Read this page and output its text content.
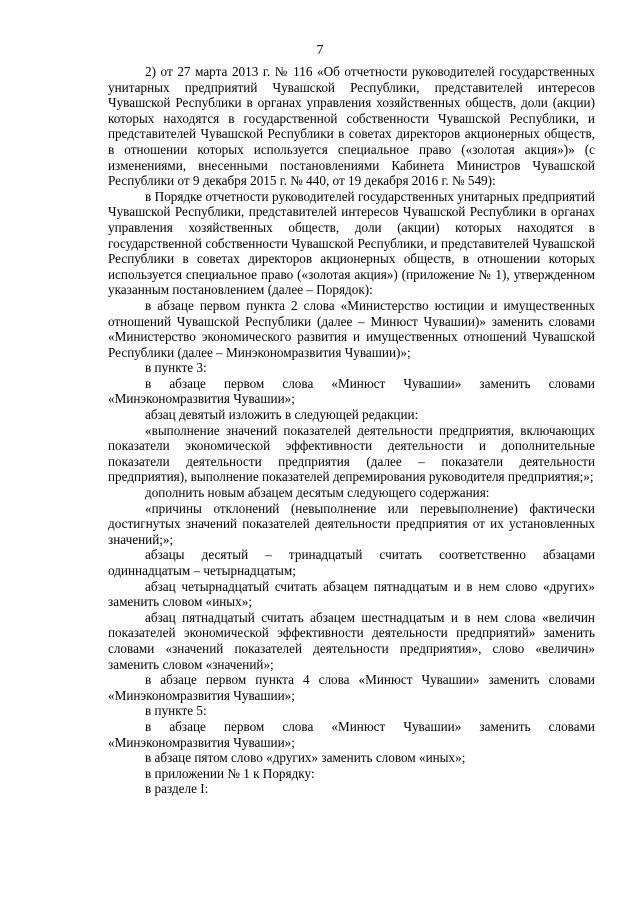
7

2) от 27 марта 2013 г. № 116 «Об отчетности руководителей государственных унитарных предприятий Чувашской Республики, представителей интересов Чувашской Республики в органах управления хозяйственных обществ, доли (акции) которых находятся в государственной собственности Чувашской Республики, и представителей Чувашской Республики в советах директоров акционерных обществ, в отношении которых используется специальное право («золотая акция»)» (с изменениями, внесенными постановлениями Кабинета Министров Чувашской Республики от 9 декабря 2015 г. № 440, от 19 декабря 2016 г. № 549):

в Порядке отчетности руководителей государственных унитарных предприятий Чувашской Республики, представителей интересов Чувашской Республики в органах управления хозяйственных обществ, доли (акции) которых находятся в государственной собственности Чувашской Республики, и представителей Чувашской Республики в советах директоров акционерных обществ, в отношении которых используется специальное право («золотая акция») (приложение № 1), утвержденном указанным постановлением (далее – Порядок):

в абзаце первом пункта 2 слова «Министерство юстиции и имущественных отношений Чувашской Республики (далее – Минюст Чувашии)» заменить словами «Министерство экономического развития и имущественных отношений Чувашской Республики (далее – Минэкономразвития Чувашии)»;

в пункте 3:

в абзаце первом слова «Минюст Чувашии» заменить словами «Минэкономразвития Чувашии»;

абзац девятый изложить в следующей редакции:

«выполнение значений показателей деятельности предприятия, включающих показатели экономической эффективности деятельности и дополнительные показатели деятельности предприятия (далее – показатели деятельности предприятия), выполнение показателей депремирования руководителя предприятия;»;

дополнить новым абзацем десятым следующего содержания:

«причины отклонений (невыполнение или перевыполнение) фактически достигнутых значений показателей деятельности предприятия от их установленных значений;»;

абзацы десятый – тринадцатый считать соответственно абзацами одиннадцатым – четырнадцатым;

абзац четырнадцатый считать абзацем пятнадцатым и в нем слово «других» заменить словом «иных»;

абзац пятнадцатый считать абзацем шестнадцатым и в нем слова «величин показателей экономической эффективности деятельности предприятий» заменить словами «значений показателей деятельности предприятия», слово «величин» заменить словом «значений»;

в абзаце первом пункта 4 слова «Минюст Чувашии» заменить словами «Минэкономразвития Чувашии»;

в пункте 5:

в абзаце первом слова «Минюст Чувашии» заменить словами «Минэкономразвития Чувашии»;

в абзаце пятом слово «других» заменить словом «иных»;

в приложении № 1 к Порядку:

в разделе I:
